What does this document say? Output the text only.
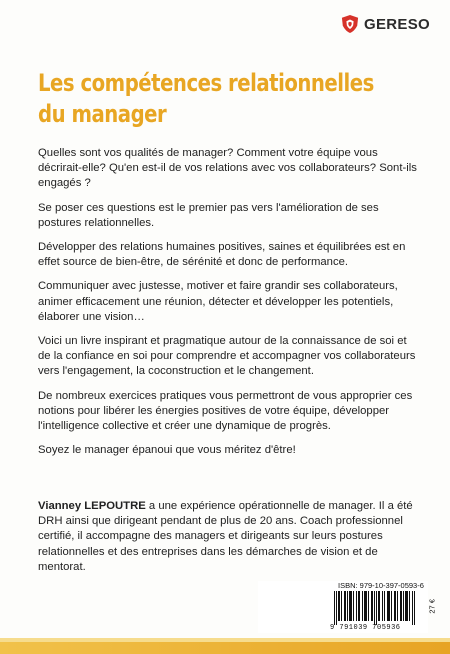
GERESO
Les compétences relationnelles
du manager

Quelles sont vos qualités de manager? Comment votre équipe vous décrirait-elle? Qu'en est-il de vos relations avec vos collaborateurs? Sont-ils engagés ?

Se poser ces questions est le premier pas vers l'amélioration de ses postures relationnelles.

Développer des relations humaines positives, saines et équilibrées est en effet source de bien-être, de sérénité et donc de performance.

Communiquer avec justesse, motiver et faire grandir ses collaborateurs, animer efficacement une réunion, détecter et développer les potentiels, élaborer une vision…

Voici un livre inspirant et pragmatique autour de la connaissance de soi et de la confiance en soi pour comprendre et accompagner vos collaborateurs vers l'engagement, la coconstruction et le changement.

De nombreux exercices pratiques vous permettront de vous approprier ces notions pour libérer les énergies positives de votre équipe, développer l'intelligence collective et créer une dynamique de progrès.

Soyez le manager épanoui que vous méritez d'être!

Vianney LEPOUTRE a une expérience opérationnelle de manager. Il a été DRH ainsi que dirigeant pendant de plus de 20 ans. Coach professionnel certifié, il accompagne des managers et dirigeants sur leurs postures relationnelles et des entreprises dans les démarches de vision et de mentorat.
ISBN: 979-10-397-0593-6
27 €
9 791039 705936
